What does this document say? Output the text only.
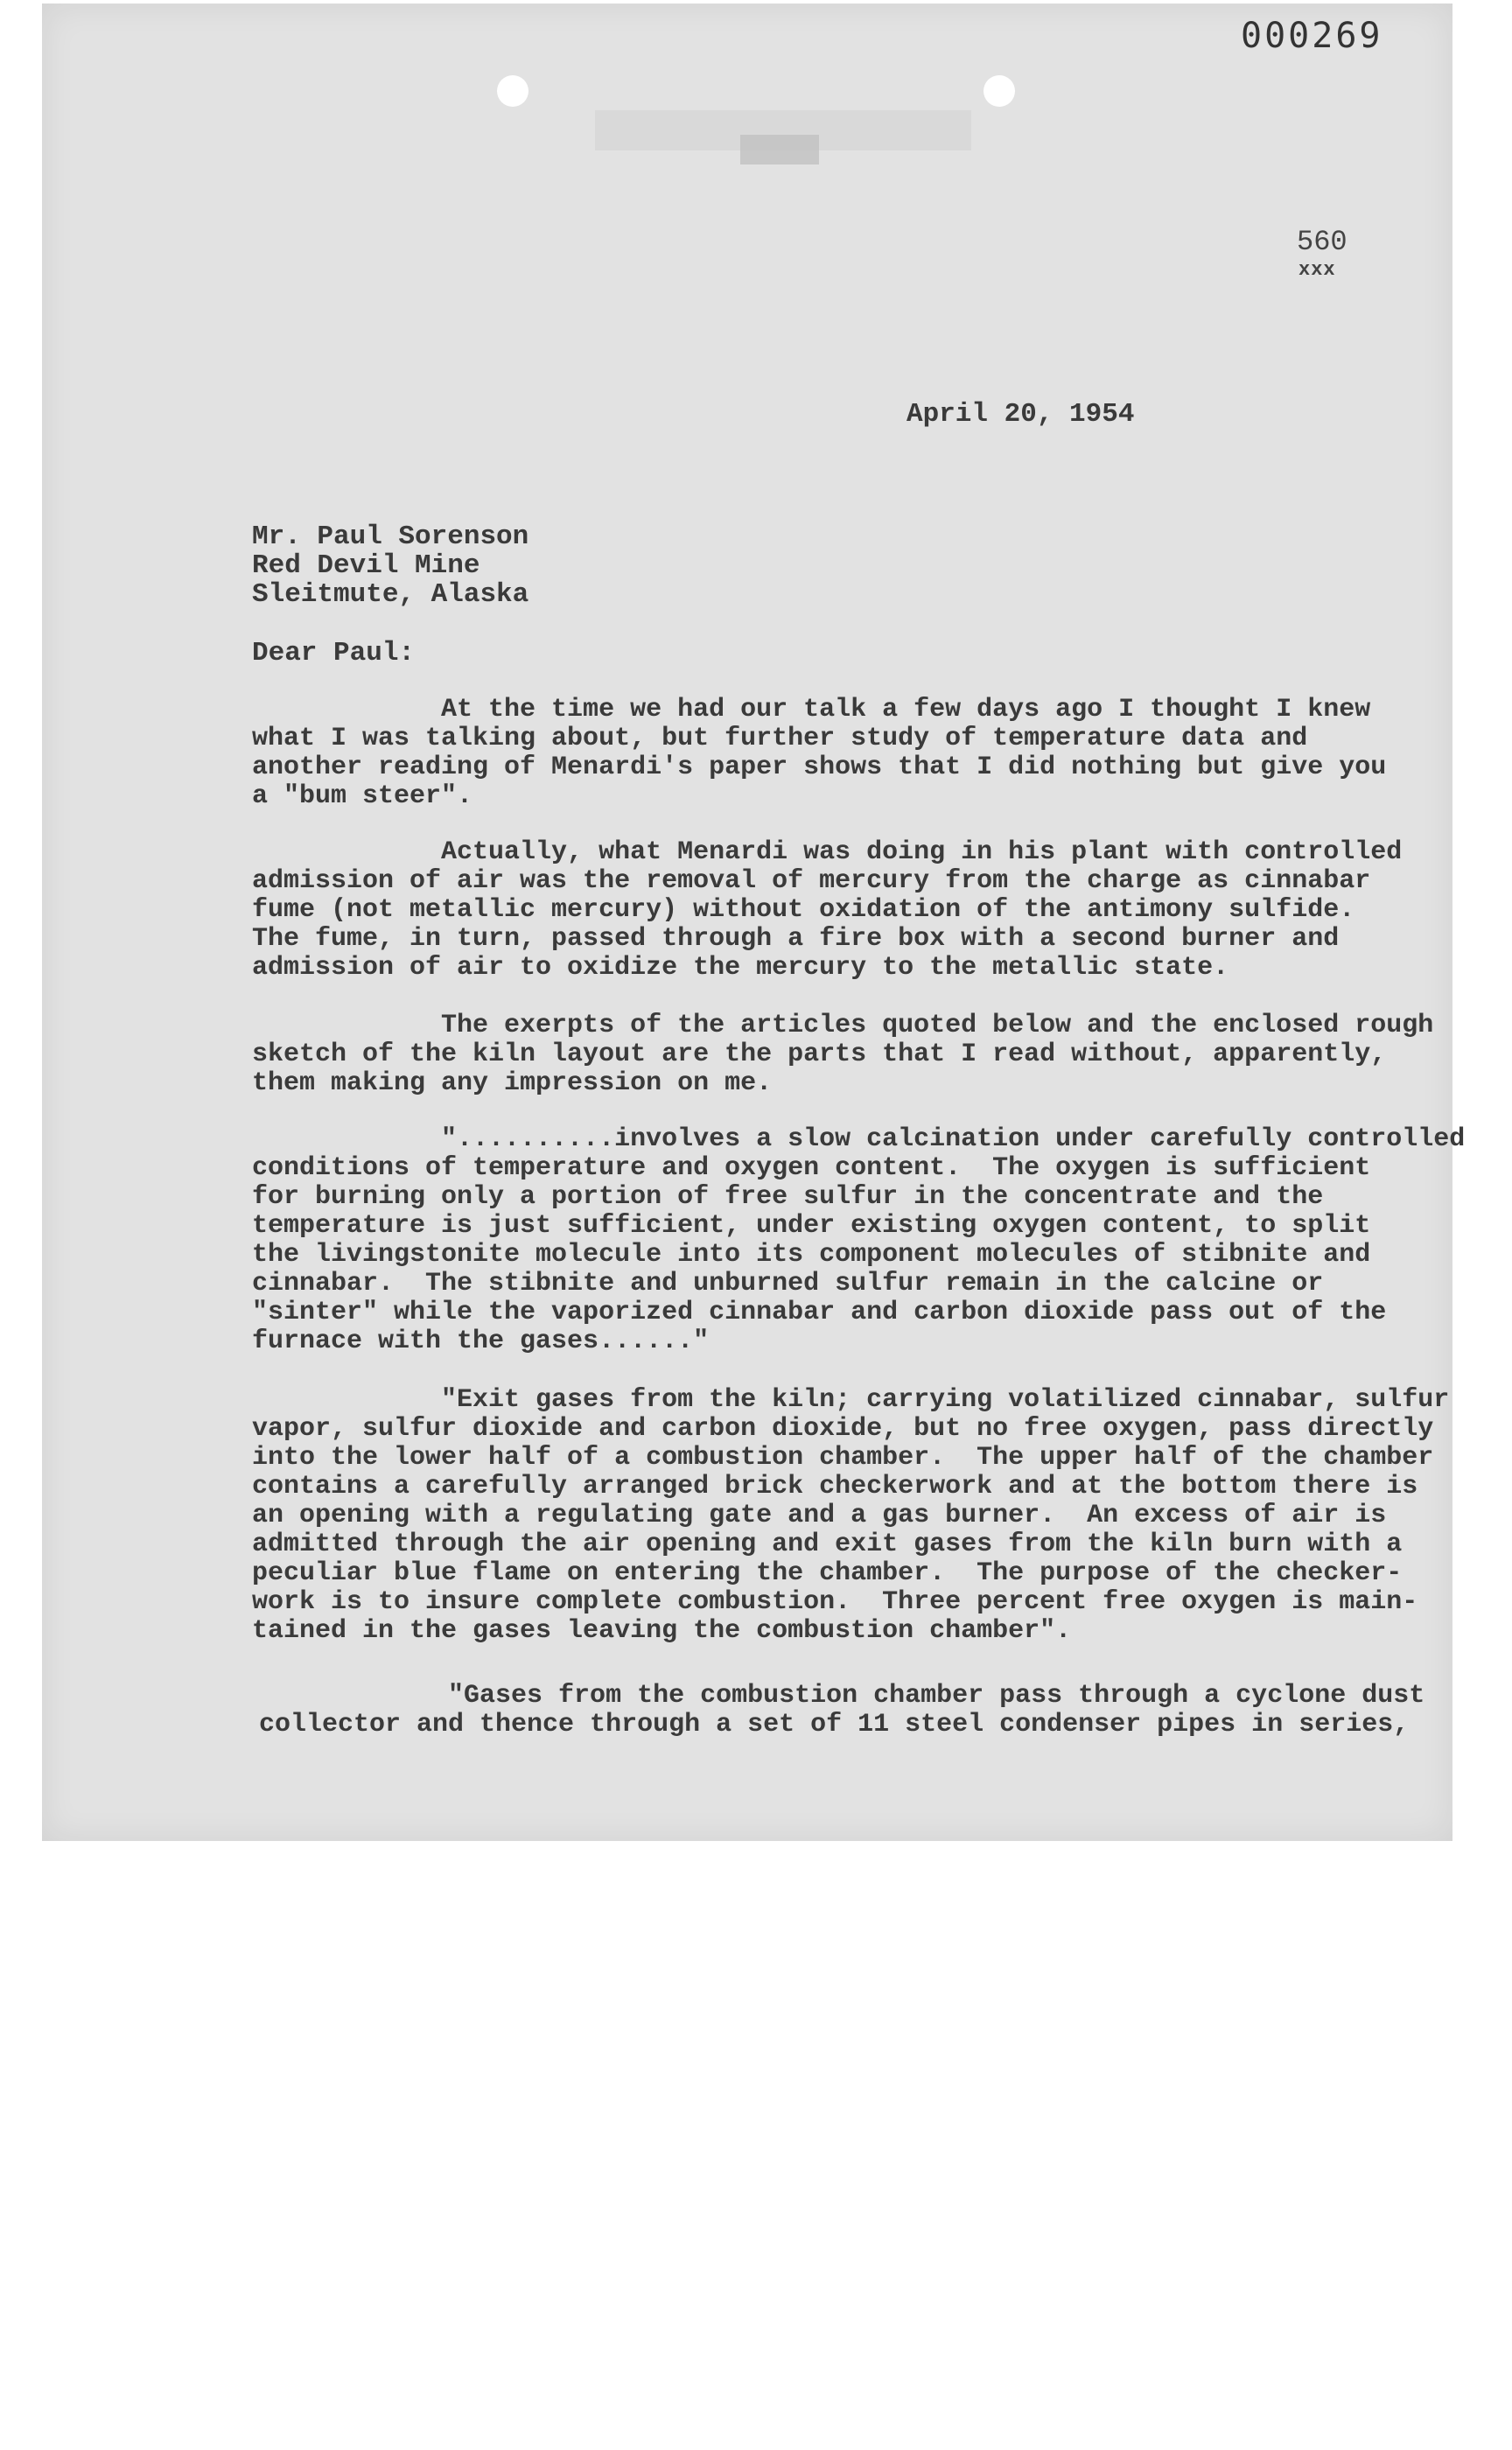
000269
560
xxx
April 20, 1954
Mr. Paul Sorenson
Red Devil Mine
Sleitmute, Alaska
Dear Paul:
At the time we had our talk a few days ago I thought I knew
what I was talking about, but further study of temperature data and
another reading of Menardi's paper shows that I did nothing but give you
a "bum steer".
Actually, what Menardi was doing in his plant with controlled
admission of air was the removal of mercury from the charge as cinnabar
fume (not metallic mercury) without oxidation of the antimony sulfide.
The fume, in turn, passed through a fire box with a second burner and
admission of air to oxidize the mercury to the metallic state.
The exerpts of the articles quoted below and the enclosed rough
sketch of the kiln layout are the parts that I read without, apparently,
them making any impression on me.
"..........involves a slow calcination under carefully controlled
conditions of temperature and oxygen content.  The oxygen is sufficient
for burning only a portion of free sulfur in the concentrate and the
temperature is just sufficient, under existing oxygen content, to split
the livingstonite molecule into its component molecules of stibnite and
cinnabar.  The stibnite and unburned sulfur remain in the calcine or
"sinter" while the vaporized cinnabar and carbon dioxide pass out of the
furnace with the gases......"
"Exit gases from the kiln; carrying volatilized cinnabar, sulfur
vapor, sulfur dioxide and carbon dioxide, but no free oxygen, pass directly
into the lower half of a combustion chamber.  The upper half of the chamber
contains a carefully arranged brick checkerwork and at the bottom there is
an opening with a regulating gate and a gas burner.  An excess of air is
admitted through the air opening and exit gases from the kiln burn with a
peculiar blue flame on entering the chamber.  The purpose of the checker-
work is to insure complete combustion.  Three percent free oxygen is main-
tained in the gases leaving the combustion chamber".
"Gases from the combustion chamber pass through a cyclone dust
collector and thence through a set of 11 steel condenser pipes in series,
